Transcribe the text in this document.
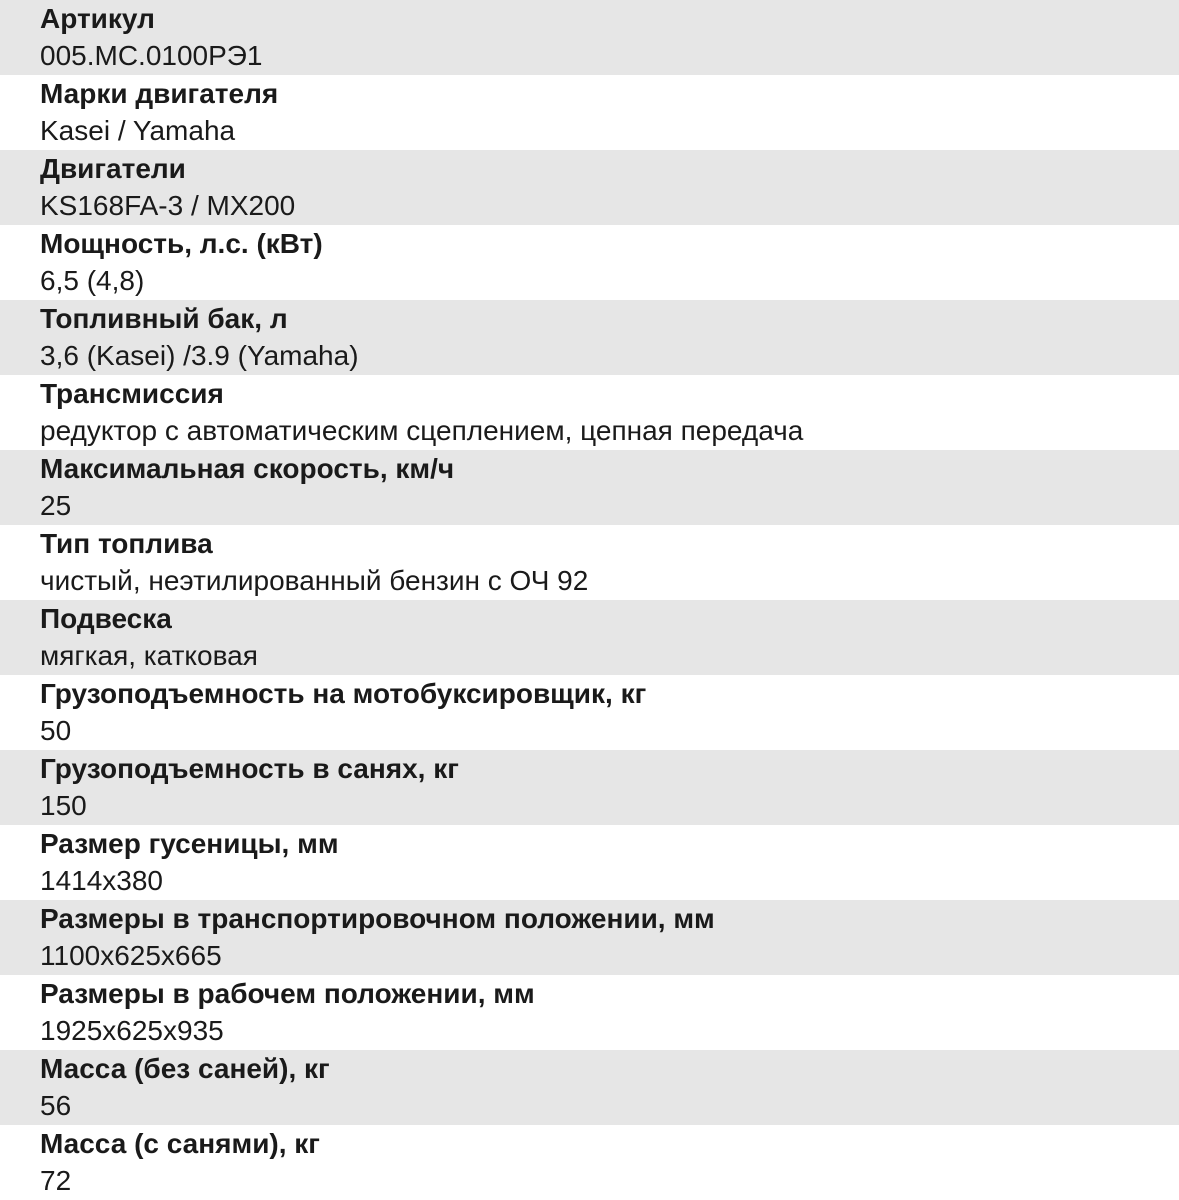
Артикул
005.МС.0100РЭ1
Марки двигателя
Kasei / Yamaha
Двигатели
KS168FA-3 / MX200
Мощность, л.с. (кВт)
6,5 (4,8)
Топливный бак, л
3,6 (Kasei) /3.9 (Yamaha)
Трансмиссия
редуктор с автоматическим сцеплением, цепная передача
Максимальная скорость, км/ч
25
Тип топлива
чистый, неэтилированный бензин с ОЧ 92
Подвеска
мягкая, катковая
Грузоподъемность на мотобуксировщик, кг
50
Грузоподъемность в санях, кг
150
Размер гусеницы, мм
1414x380
Размеры в транспортировочном положении, мм
1100x625x665
Размеры в рабочем положении, мм
1925x625x935
Масса (без саней), кг
56
Масса (с санями), кг
72
